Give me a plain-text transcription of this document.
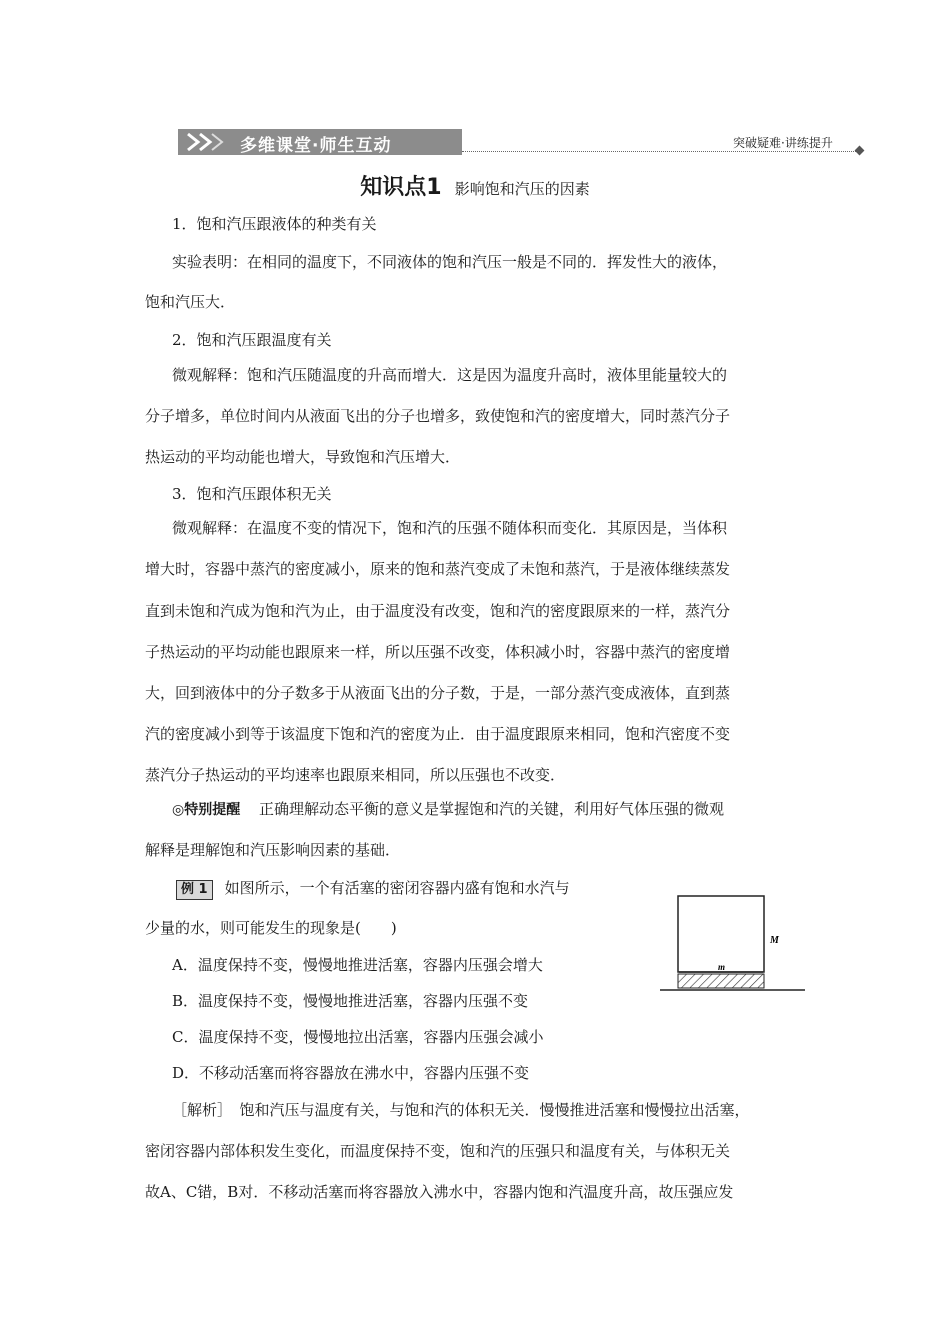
多维课堂·师生互动	突破疑难·讲练提升
知识点1 影响饱和汽压的因素
1．饱和汽压跟液体的种类有关
实验表明：在相同的温度下，不同液体的饱和汽压一般是不同的．挥发性大的液体，
饱和汽压大．
2．饱和汽压跟温度有关
微观解释：饱和汽压随温度的升高而增大．这是因为温度升高时，液体里能量较大的
分子增多，单位时间内从液面飞出的分子也增多，致使饱和汽的密度增大，同时蒸汽分子
热运动的平均动能也增大，导致饱和汽压增大．
3．饱和汽压跟体积无关
微观解释：在温度不变的情况下，饱和汽的压强不随体积而变化．其原因是，当体积
增大时，容器中蒸汽的密度减小，原来的饱和蒸汽变成了未饱和蒸汽，于是液体继续蒸发
直到未饱和汽成为饱和汽为止，由于温度没有改变，饱和汽的密度跟原来的一样，蒸汽分
子热运动的平均动能也跟原来一样，所以压强不改变，体积减小时，容器中蒸汽的密度增
大，回到液体中的分子数多于从液面飞出的分子数，于是，一部分蒸汽变成液体，直到蒸
汽的密度减小到等于该温度下饱和汽的密度为止．由于温度跟原来相同，饱和汽密度不变
蒸汽分子热运动的平均速率也跟原来相同，所以压强也不改变．
◎特别提醒 正确理解动态平衡的意义是掌握饱和汽的关键，利用好气体压强的微观
解释是理解饱和汽压影响因素的基础．
例 1 如图所示，一个有活塞的密闭容器内盛有饱和水汽与
少量的水，则可能发生的现象是(　　)
A．温度保持不变，慢慢地推进活塞，容器内压强会增大
B．温度保持不变，慢慢地推进活塞，容器内压强不变
C．温度保持不变，慢慢地拉出活塞，容器内压强会减小
D．不移动活塞而将容器放在沸水中，容器内压强不变
M
m
［解析］　饱和汽压与温度有关，与饱和汽的体积无关．慢慢推进活塞和慢慢拉出活塞，
密闭容器内部体积发生变化，而温度保持不变，饱和汽的压强只和温度有关，与体积无关
故A、C错，B对．不移动活塞而将容器放入沸水中，容器内饱和汽温度升高，故压强应发
